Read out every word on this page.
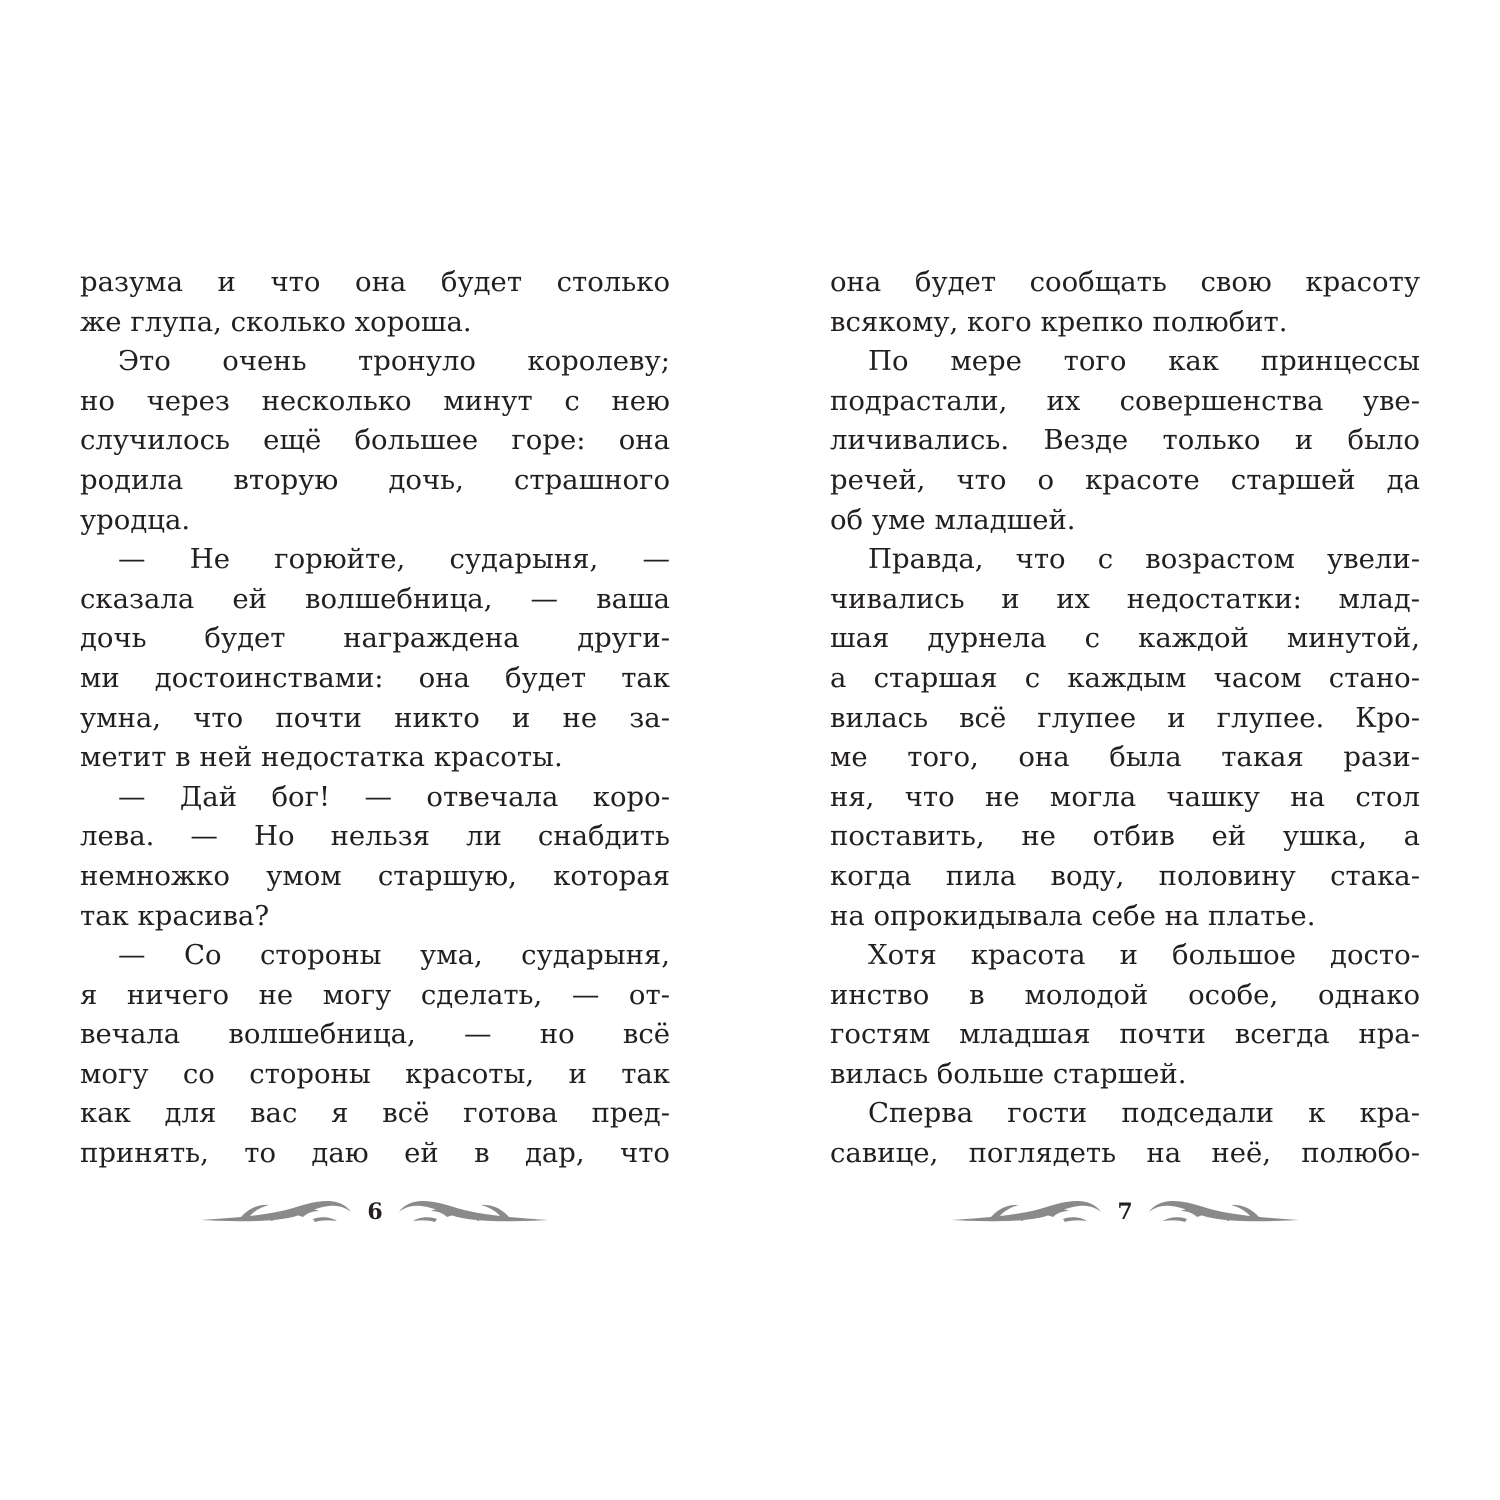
разума и что она будет столько
же глупа, сколько хороша.
Это очень тронуло королеву;
но через несколько минут с нею
случилось ещё большее горе: она
родила вторую дочь, страшного
уродца.
— Не горюйте, сударыня, —
сказала ей волшебница, — ваша
дочь будет награждена други-
ми достоинствами: она будет так
умна, что почти никто и не за-
метит в ней недостатка красоты.
— Дай бог! — отвечала коро-
лева. — Но нельзя ли снабдить
немножко умом старшую, которая
так красива?
— Со стороны ума, сударыня,
я ничего не могу сделать, — от-
вечала волшебница, — но всё
могу со стороны красоты, и так
как для вас я всё готова пред-
принять, то даю ей в дар, что
она будет сообщать свою красоту
всякому, кого крепко полюбит.
По мере того как принцессы
подрастали, их совершенства уве-
личивались. Везде только и было
речей, что о красоте старшей да
об уме младшей.
Правда, что с возрастом увели-
чивались и их недостатки: млад-
шая дурнела с каждой минутой,
а старшая с каждым часом стано-
вилась всё глупее и глупее. Кро-
ме того, она была такая рази-
ня, что не могла чашку на стол
поставить, не отбив ей ушка, а
когда пила воду, половину стака-
на опрокидывала себе на платье.
Хотя красота и большое досто-
инство в молодой особе, однако
гостям младшая почти всегда нра-
вилась больше старшей.
Сперва гости подседали к кра-
савице, поглядеть на неё, полюбо-
6	7
